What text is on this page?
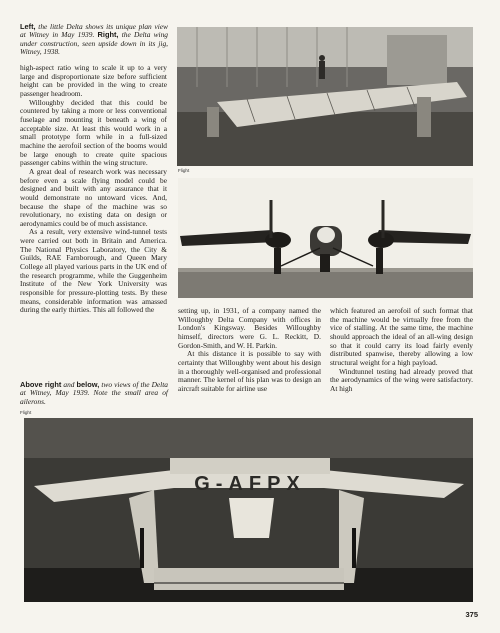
Left, the little Delta shows its unique plan view at Witney in May 1939. Right, the Delta wing under construction, seen upside down in its jig, Witney, 1938.

high-aspect ratio wing to scale it up to a very large and disproportionate size before sufficient height can be provided in the wing to create passenger headroom.

Willoughby decided that this could be countered by taking a more or less conventional fuselage and mounting it beneath a wing of acceptable size. At least this would work in a small prototype form while in a full-sized machine the aerofoil section of the booms would be large enough to create quite spacious passenger cabins within the wing structure.

A great deal of research work was necessary before even a scale flying model could be designed and built with any assurance that it would demonstrate no untoward vices. And, because the shape of the machine was so revolutionary, no existing data on design or aerodynamics could be of much assistance.

As a result, very extensive wind-tunnel tests were carried out both in Britain and America. The National Physics Laboratory, the City & Guilds, RAE Farnborough, and Queen Mary College all played various parts in the UK end of the research programme, while the Guggenheim Institute of the New York University was responsible for pressure-plotting tests. By these means, considerable information was amassed during the early thirties. This all followed the

Above right and below, two views of the Delta at Witney, May 1939. Note the small area of ailerons.
Flight
Flight

setting up, in 1931, of a company named the Willoughby Delta Company with offices in London's Kingsway. Besides Willoughby himself, directors were G. L. Reckitt, D. Gordon-Smith, and W. H. Parkin.

At this distance it is possible to say with certainty that Willoughby went about his design in a thoroughly well-organised and professional manner. The kernel of his plan was to design an aircraft suitable for airline use

which featured an aerofoil of such format that the machine would be virtually free from the vice of stalling. At the same time, the machine should approach the ideal of an all-wing design so that it could carry its load fairly evenly distributed spanwise, thereby allowing a low structural weight for a high payload.

Windtunnel testing had already proved that the aerodynamics of the wing were satisfactory. At high

G-AFPX
375
